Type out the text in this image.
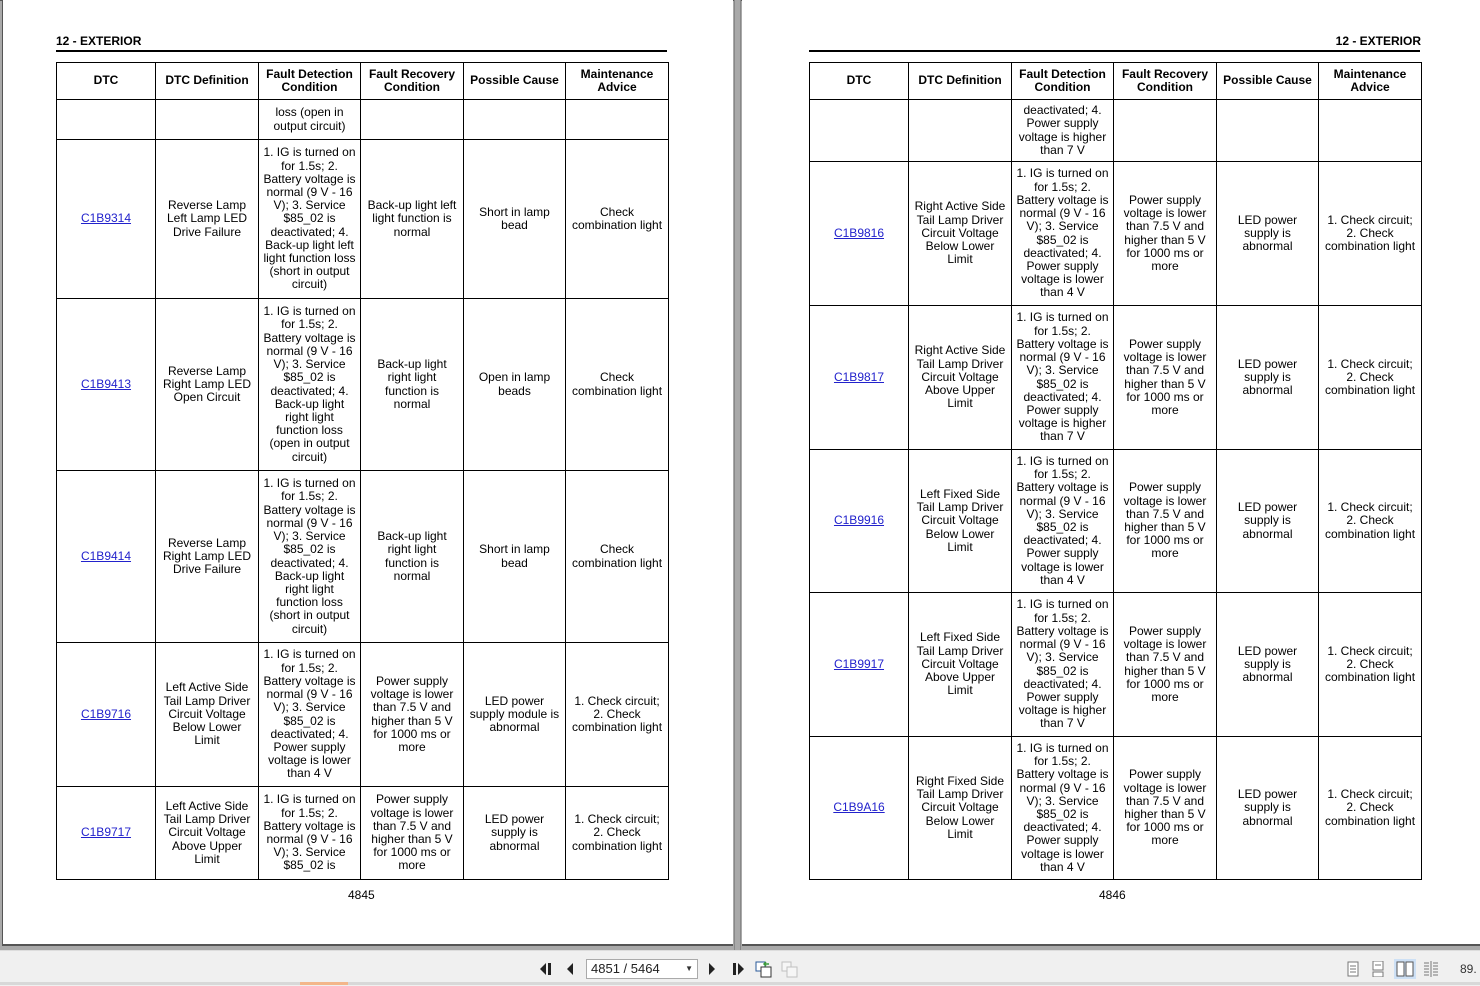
12 - EXTERIOR
DTC	DTC Definition	Fault Detection Condition	Fault Recovery Condition	Possible Cause	Maintenance Advice
		loss (open in output circuit)			
C1B9314	Reverse Lamp Left Lamp LED Drive Failure	1. IG is turned on for 1.5s; 2. Battery voltage is normal (9 V - 16 V); 3. Service $85_02 is deactivated; 4. Back-up light left light function loss (short in output circuit)	Back-up light left light function is normal	Short in lamp bead	Check combination light
C1B9413	Reverse Lamp Right Lamp LED Open Circuit	1. IG is turned on for 1.5s; 2. Battery voltage is normal (9 V - 16 V); 3. Service $85_02 is deactivated; 4. Back-up light right light function loss (open in output circuit)	Back-up light right light function is normal	Open in lamp beads	Check combination light
C1B9414	Reverse Lamp Right Lamp LED Drive Failure	1. IG is turned on for 1.5s; 2. Battery voltage is normal (9 V - 16 V); 3. Service $85_02 is deactivated; 4. Back-up light right light function loss (short in output circuit)	Back-up light right light function is normal	Short in lamp bead	Check combination light
C1B9716	Left Active Side Tail Lamp Driver Circuit Voltage Below Lower Limit	1. IG is turned on for 1.5s; 2. Battery voltage is normal (9 V - 16 V); 3. Service $85_02 is deactivated; 4. Power supply voltage is lower than 4 V	Power supply voltage is lower than 7.5 V and higher than 5 V for 1000 ms or more	LED power supply module is abnormal	1. Check circuit; 2. Check combination light
C1B9717	Left Active Side Tail Lamp Driver Circuit Voltage Above Upper Limit	1. IG is turned on for 1.5s; 2. Battery voltage is normal (9 V - 16 V); 3. Service $85_02 is	Power supply voltage is lower than 7.5 V and higher than 5 V for 1000 ms or more	LED power supply is abnormal	1. Check circuit; 2. Check combination light
4845
12 - EXTERIOR
DTC	DTC Definition	Fault Detection Condition	Fault Recovery Condition	Possible Cause	Maintenance Advice
		deactivated; 4. Power supply voltage is higher than 7 V			
C1B9816	Right Active Side Tail Lamp Driver Circuit Voltage Below Lower Limit	1. IG is turned on for 1.5s; 2. Battery voltage is normal (9 V - 16 V); 3. Service $85_02 is deactivated; 4. Power supply voltage is lower than 4 V	Power supply voltage is lower than 7.5 V and higher than 5 V for 1000 ms or more	LED power supply is abnormal	1. Check circuit; 2. Check combination light
C1B9817	Right Active Side Tail Lamp Driver Circuit Voltage Above Upper Limit	1. IG is turned on for 1.5s; 2. Battery voltage is normal (9 V - 16 V); 3. Service $85_02 is deactivated; 4. Power supply voltage is higher than 7 V	Power supply voltage is lower than 7.5 V and higher than 5 V for 1000 ms or more	LED power supply is abnormal	1. Check circuit; 2. Check combination light
C1B9916	Left Fixed Side Tail Lamp Driver Circuit Voltage Below Lower Limit	1. IG is turned on for 1.5s; 2. Battery voltage is normal (9 V - 16 V); 3. Service $85_02 is deactivated; 4. Power supply voltage is lower than 4 V	Power supply voltage is lower than 7.5 V and higher than 5 V for 1000 ms or more	LED power supply is abnormal	1. Check circuit; 2. Check combination light
C1B9917	Left Fixed Side Tail Lamp Driver Circuit Voltage Above Upper Limit	1. IG is turned on for 1.5s; 2. Battery voltage is normal (9 V - 16 V); 3. Service $85_02 is deactivated; 4. Power supply voltage is higher than 7 V	Power supply voltage is lower than 7.5 V and higher than 5 V for 1000 ms or more	LED power supply is abnormal	1. Check circuit; 2. Check combination light
C1B9A16	Right Fixed Side Tail Lamp Driver Circuit Voltage Below Lower Limit	1. IG is turned on for 1.5s; 2. Battery voltage is normal (9 V - 16 V); 3. Service $85_02 is deactivated; 4. Power supply voltage is lower than 4 V	Power supply voltage is lower than 7.5 V and higher than 5 V for 1000 ms or more	LED power supply is abnormal	1. Check circuit; 2. Check combination light
4846
4851 / 5464	▼	89.
